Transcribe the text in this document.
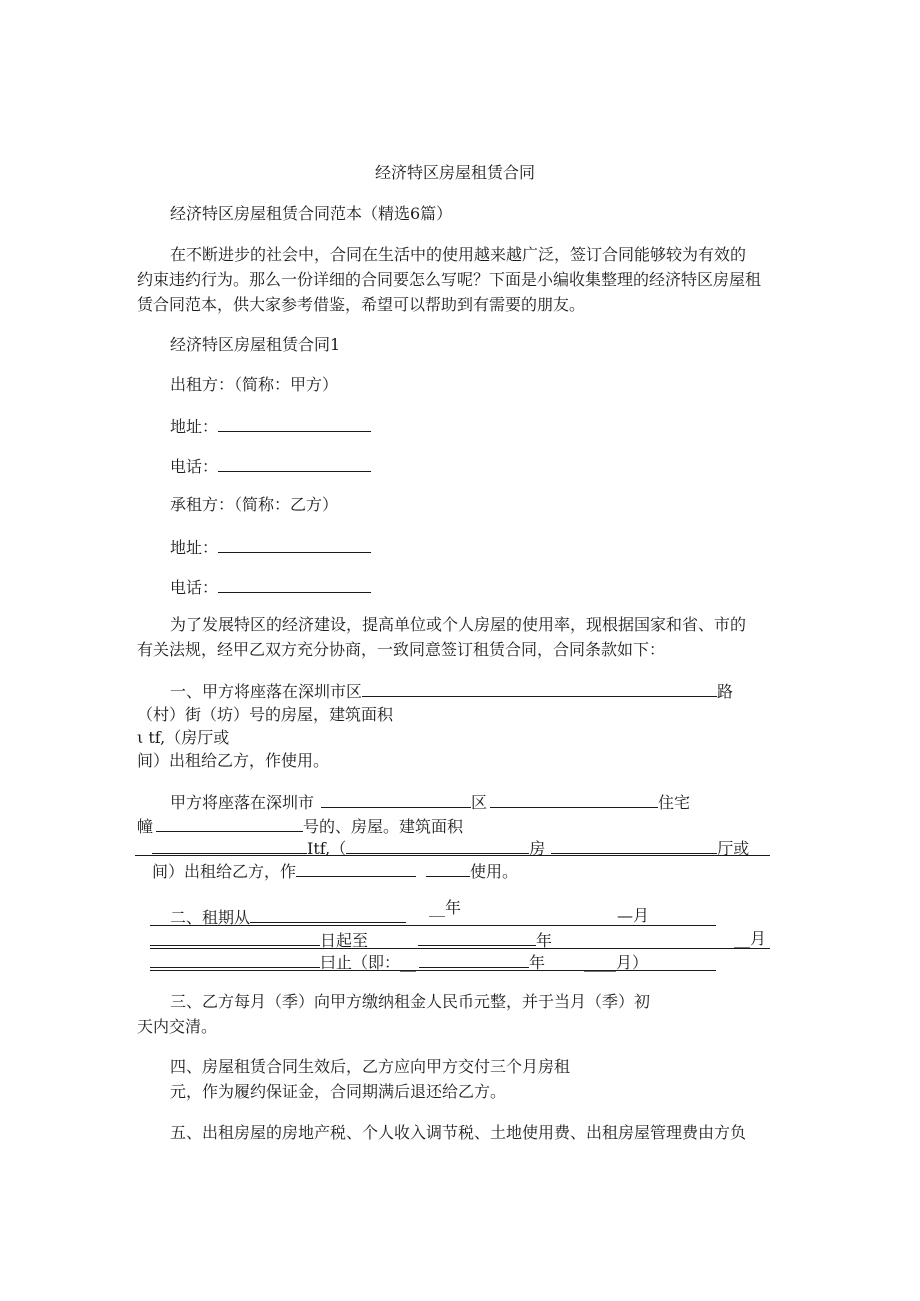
经济特区房屋租赁合同
经济特区房屋租赁合同范本（精选6篇）
在不断进步的社会中，合同在生活中的使用越来越广泛，签订合同能够较为有效的
约束违约行为。那么一份详细的合同要怎么写呢？下面是小编收集整理的经济特区房屋租
赁合同范本，供大家参考借鉴，希望可以帮助到有需要的朋友。
经济特区房屋租赁合同1
出租方：（简称：甲方）
地址：
电话：
承租方：（简称：乙方）
地址：
电话：
为了发展特区的经济建设，提高单位或个人房屋的使用率，现根据国家和省、市的
有关法规，经甲乙双方充分协商，一致同意签订租赁合同，合同条款如下：
一、甲方将座落在深圳市区	路
（村）街（坊）号的房屋，建筑面积
ι tf,（房厅或
间）出租给乙方，作使用。
甲方将座落在深圳市	区	住宅
幢	号的、房屋。建筑面积
Itf,（	房	厅或
间）出租给乙方，作	使用。
__年
二、租期从	—月
日起至	年	__月
曰止（即：__	年 ____月）
三、乙方每月（季）向甲方缴纳租金人民币元整，并于当月（季）初
天内交清。
四、房屋租赁合同生效后，乙方应向甲方交付三个月房租
元，作为履约保证金，合同期满后退还给乙方。
五、出租房屋的房地产税、个人收入调节税、土地使用费、出租房屋管理费由方负
